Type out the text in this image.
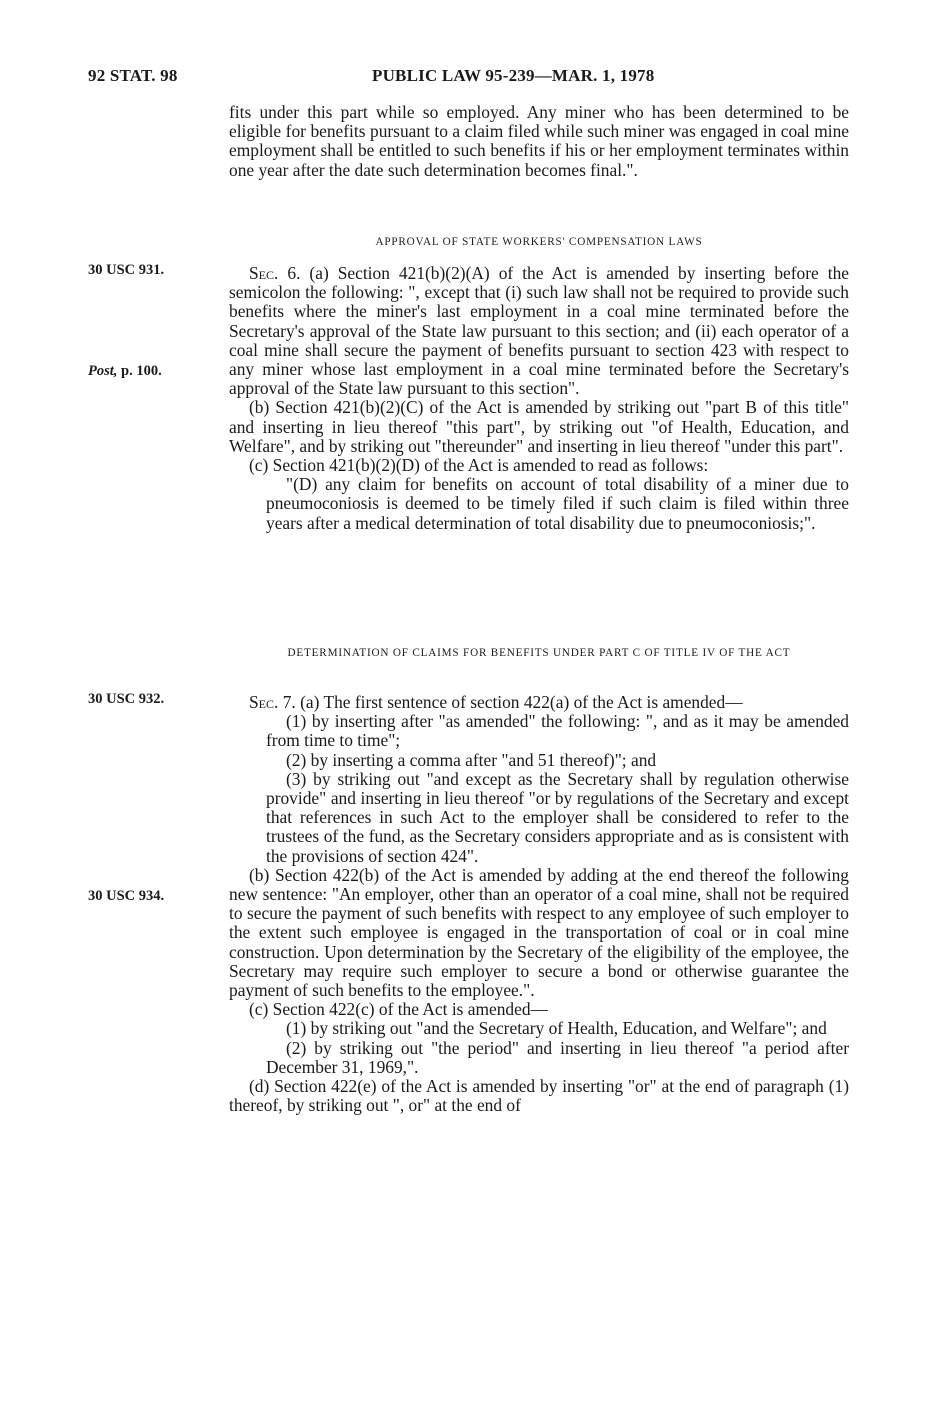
92 STAT. 98	PUBLIC LAW 95-239—MAR. 1, 1978

fits under this part while so employed. Any miner who has been determined to be eligible for benefits pursuant to a claim filed while such miner was engaged in coal mine employment shall be entitled to such benefits if his or her employment terminates within one year after the date such determination becomes final.".

APPROVAL OF STATE WORKERS' COMPENSATION LAWS
30 USC 931.
Post, p. 100.

Sec. 6. (a) Section 421(b)(2)(A) of the Act is amended by inserting before the semicolon the following: ", except that (i) such law shall not be required to provide such benefits where the miner's last employment in a coal mine terminated before the Secretary's approval of the State law pursuant to this section; and (ii) each operator of a coal mine shall secure the payment of benefits pursuant to section 423 with respect to any miner whose last employment in a coal mine terminated before the Secretary's approval of the State law pursuant to this section".

(b) Section 421(b)(2)(C) of the Act is amended by striking out "part B of this title" and inserting in lieu thereof "this part", by striking out "of Health, Education, and Welfare", and by striking out "thereunder" and inserting in lieu thereof "under this part".

(c) Section 421(b)(2)(D) of the Act is amended to read as follows:

"(D) any claim for benefits on account of total disability of a miner due to pneumoconiosis is deemed to be timely filed if such claim is filed within three years after a medical determination of total disability due to pneumoconiosis;".

DETERMINATION OF CLAIMS FOR BENEFITS UNDER PART C OF TITLE IV OF THE ACT
30 USC 932.
30 USC 934.

Sec. 7. (a) The first sentence of section 422(a) of the Act is amended—

(1) by inserting after "as amended" the following: ", and as it may be amended from time to time";

(2) by inserting a comma after "and 51 thereof)"; and

(3) by striking out "and except as the Secretary shall by regulation otherwise provide" and inserting in lieu thereof "or by regulations of the Secretary and except that references in such Act to the employer shall be considered to refer to the trustees of the fund, as the Secretary considers appropriate and as is consistent with the provisions of section 424".

(b) Section 422(b) of the Act is amended by adding at the end thereof the following new sentence: "An employer, other than an operator of a coal mine, shall not be required to secure the payment of such benefits with respect to any employee of such employer to the extent such employee is engaged in the transportation of coal or in coal mine construction. Upon determination by the Secretary of the eligibility of the employee, the Secretary may require such employer to secure a bond or otherwise guarantee the payment of such benefits to the employee.".

(c) Section 422(c) of the Act is amended—

(1) by striking out "and the Secretary of Health, Education, and Welfare"; and

(2) by striking out "the period" and inserting in lieu thereof "a period after December 31, 1969,".

(d) Section 422(e) of the Act is amended by inserting "or" at the end of paragraph (1) thereof, by striking out ", or" at the end of
